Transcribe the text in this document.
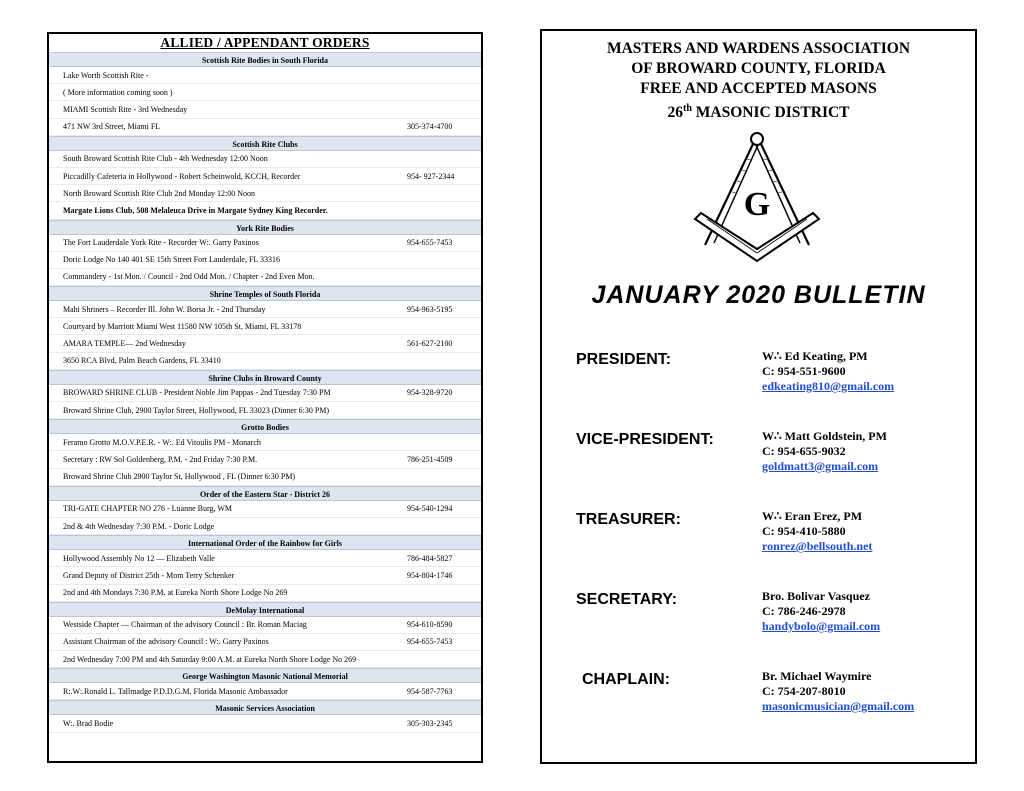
ALLIED / APPENDANT ORDERS
Scottish Rite Bodies in South Florida
Lake Worth Scottish Rite -
( More information coming soon )
MIAMI Scottish Rite - 3rd Wednesday
471 NW 3rd Street, Miami FL	305-374-4700
Scottish Rite Clubs
South Broward Scottish Rite Club - 4th Wednesday 12:00 Noon
Piccadilly Cafeteria in Hollywood - Robert Scheinwold, KCCH, Recorder	954- 927-2344
North Broward Scottish Rite Club 2nd Monday 12:00 Noon
Margate Lions Club, 508 Melaleuca Drive in Margate Sydney King Recorder.
York Rite Bodies
The Fort Lauderdale York Rite - Recorder W:. Garry Paxinos	954-655-7453
Doric Lodge No 140 401 SE 15th Street Fort Lauderdale, FL 33316
Commandery - 1st Mon. / Council - 2nd Odd Mon. / Chapter - 2nd Even Mon.
Shrine Temples of South Florida
Mahi Shriners – Recorder Ill. John W. Borsa Jr. - 2nd Thursday	954-963-5195
Courtyard by Marriott Miami West 11580 NW 105th St, Miami, FL 33178
AMARA TEMPLE— 2nd Wednesday	561-627-2100
3650 RCA Blvd, Palm Beach Gardens, FL 33410
Shrine Clubs in Broward County
BROWARD SHRINE CLUB - President Noble Jim Pappas - 2nd Tuesday 7:30 PM	954-328-9720
Broward Shrine Club, 2900 Taylor Street, Hollywood, FL 33023 (Dinner 6:30 PM)
Grotto Bodies
Feramo Grotto M.O.V.P.E.R. - W:. Ed Vitoulis PM - Monarch
Secretary : RW Sol Goldenberg, P.M. - 2nd Friday 7:30 P.M.	786-251-4509
Broward Shrine Club 2900 Taylor St, Hollywood , FL (Dinner 6:30 PM)
Order of the Eastern Star - District 26
TRI-GATE CHAPTER NO 276 - Luanne Burg, WM	954-540-1294
2nd & 4th Wednesday 7:30 P.M. - Doric Lodge
International Order of the Rainbow for Girls
Hollywood Assembly No 12 — Elizabeth Valle	786-484-5827
Grand Deputy of District 25th - Mom Terry Schenker	954-804-1746
2nd and 4th Mondays 7:30 P.M. at Eureka North Shore Lodge No 269
DeMolay International
Westside Chapter — Chairman of the advisory Council : Br. Roman Maciag	954-610-8590
Assistant Chairman of the advisory Council : W:. Garry Paxinos	954-655-7453
2nd Wednesday 7:00 PM and 4th Saturday 9:00 A.M. at Eureka North Shore Lodge No 269
George Washington Masonic National Memorial
R:.W:.Ronald L. Tallmadge P.D.D.G.M. Florida Masonic Ambassador	954-587-7763
Masonic Services Association
W:. Brad Bodie	305-303-2345
MASTERS AND WARDENS ASSOCIATION
OF BROWARD COUNTY, FLORIDA
FREE AND ACCEPTED MASONS
26th MASONIC DISTRICT
G
JANUARY 2020 BULLETIN
PRESIDENT:	W∴ Ed Keating, PM
C: 954-551-9600
edkeating810@gmail.com
VICE-PRESIDENT:	W∴ Matt Goldstein, PM
C: 954-655-9032
goldmatt3@gmail.com
TREASURER:	W∴ Eran Erez, PM
C: 954-410-5880
ronrez@bellsouth.net
SECRETARY:	Bro. Bolivar Vasquez
C: 786-246-2978
handybolo@gmail.com
CHAPLAIN:	Br. Michael Waymire
C: 754-207-8010
masonicmusician@gmail.com
